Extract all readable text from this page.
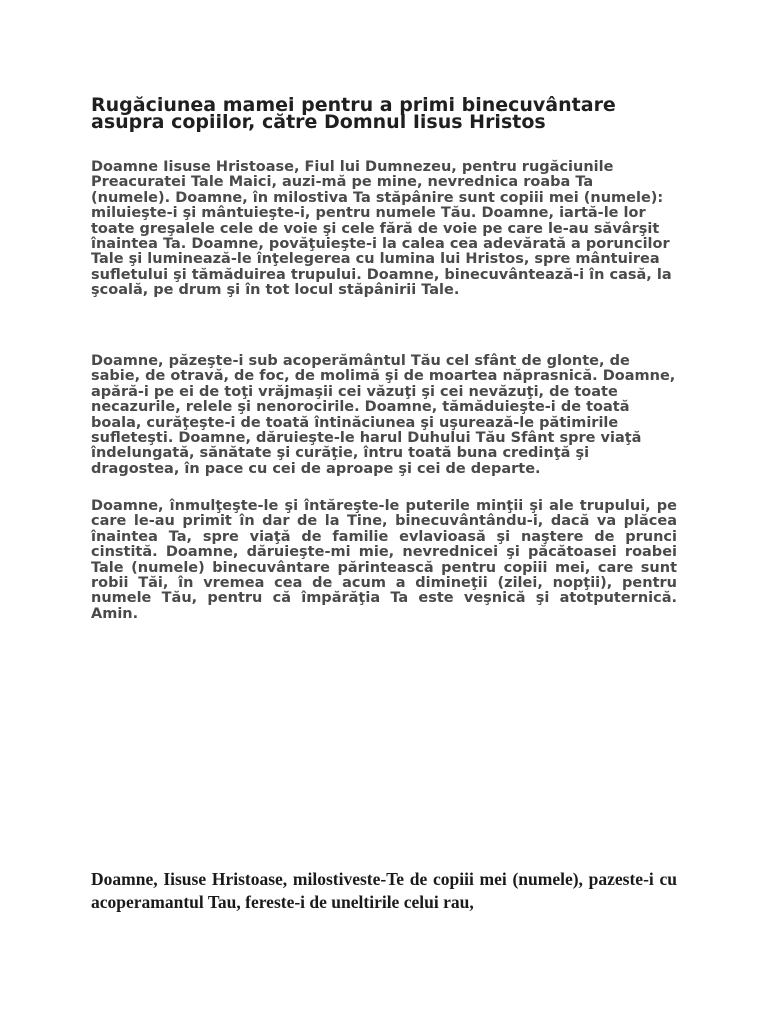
Rugăciunea mamei pentru a primi binecuvântare asupra copiilor, către Domnul Iisus Hristos

Doamne Iisuse Hristoase, Fiul lui Dumnezeu, pentru rugăciunile Preacuratei Tale Maici, auzi-mă pe mine, nevrednica roaba Ta (numele). Doamne, în milostiva Ta stăpânire sunt copiii mei (numele): miluieşte-i şi mântuieşte-i, pentru numele Tău. Doamne, iartă-le lor toate greşalele cele de voie şi cele fără de voie pe care le-au săvârşit înaintea Ta. Doamne, povăţuieşte-i la calea cea adevărată a poruncilor Tale şi luminează-le înţelegerea cu lumina lui Hristos, spre mântuirea sufletului şi tămăduirea trupului. Doamne, binecuvântează-i în casă, la şcoală, pe drum şi în tot locul stăpânirii Tale.

Doamne, păzeşte-i sub acoperământul Tău cel sfânt de glonte, de sabie, de otravă, de foc, de molimă şi de moartea năprasnică. Doamne, apără-i pe ei de toţi vrăjmaşii cei văzuţi şi cei nevăzuţi, de toate necazurile, relele şi nenorocirile. Doamne, tămăduieşte-i de toată boala, curăţeşte-i de toată întinăciunea şi uşurează-le pătimirile sufleteşti. Doamne, dăruieşte-le harul Duhului Tău Sfânt spre viaţă îndelungată, sănătate şi curăţie, întru toată buna credinţă şi dragostea, în pace cu cei de aproape şi cei de departe.

Doamne, înmulţeşte-le şi întăreşte-le puterile minţii şi ale trupului, pe care le-au primit în dar de la Tine, binecuvântându-i, dacă va plăcea înaintea Ta, spre viaţă de familie evlavioasă şi naştere de prunci cinstită. Doamne, dăruieşte-mi mie, nevrednicei şi păcătoasei roabei Tale (numele) binecuvântare părintească pentru copiii mei, care sunt robii Tăi, în vremea cea de acum a dimineţii (zilei, nopţii), pentru numele Tău, pentru că împărăţia Ta este veşnică şi atotputernică. Amin.

Doamne, Iisuse Hristoase, milostiveste-Te de copiii mei (numele), pazeste-i cu acoperamantul Tau, fereste-i de uneltirile celui rau,
